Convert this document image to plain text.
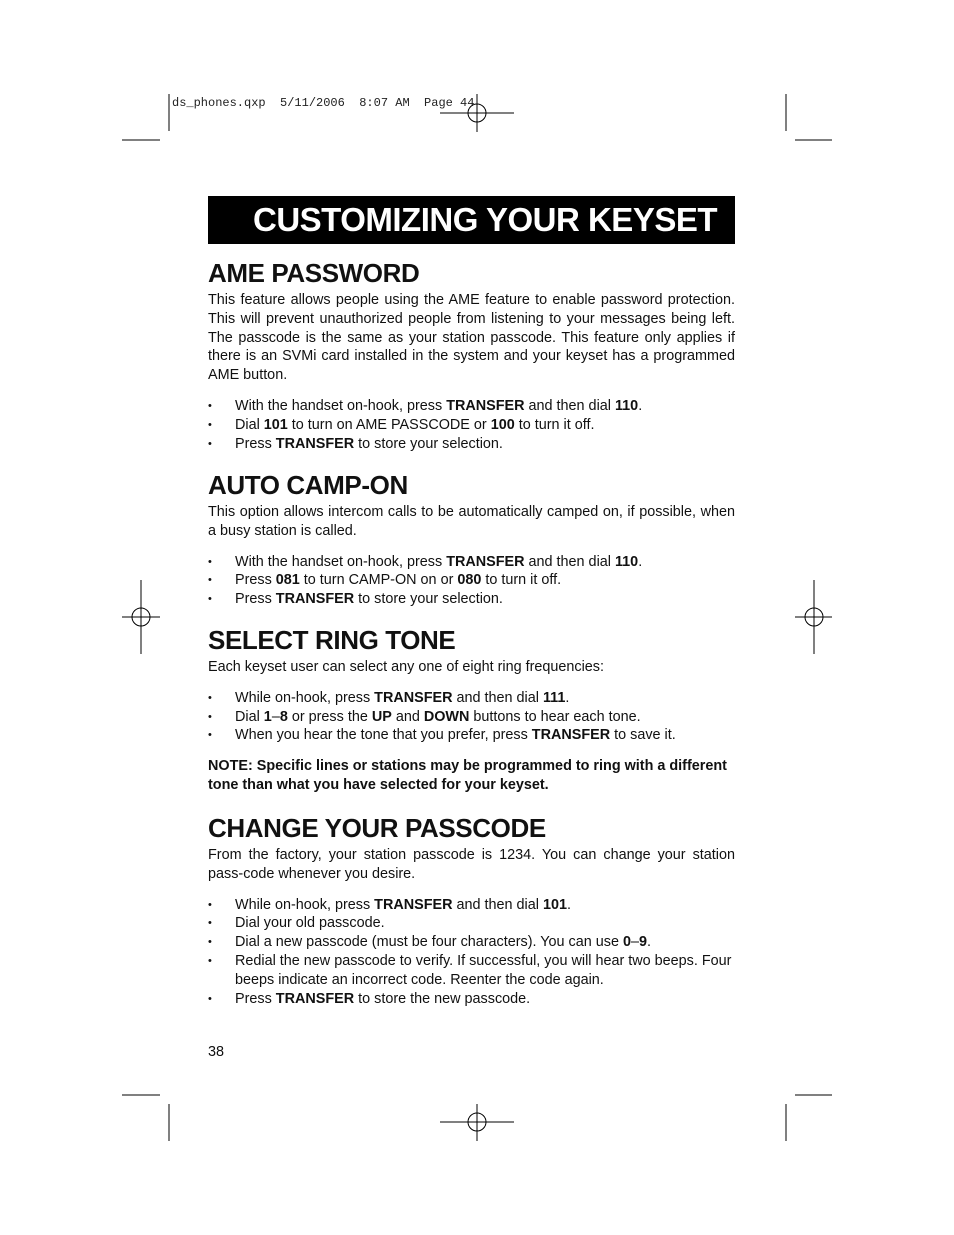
ds_phones.qxp  5/11/2006  8:07 AM  Page 44
CUSTOMIZING YOUR KEYSET
AME PASSWORD

This feature allows people using the AME feature to enable password protection. This will prevent unauthorized people from listening to your messages being left. The passcode is the same as your station passcode. This feature only applies if there is an SVMi card installed in the system and your keyset has a programmed AME button.

• With the handset on-hook, press TRANSFER and then dial 110.
• Dial 101 to turn on AME PASSCODE or 100 to turn it off.
• Press TRANSFER to store your selection.
AUTO CAMP-ON

This option allows intercom calls to be automatically camped on, if possible, when a busy station is called.

• With the handset on-hook, press TRANSFER and then dial 110.
• Press 081 to turn CAMP-ON on or 080 to turn it off.
• Press TRANSFER to store your selection.
SELECT RING TONE

Each keyset user can select any one of eight ring frequencies:

• While on-hook, press TRANSFER and then dial 111.
• Dial 1–8 or press the UP and DOWN buttons to hear each tone.
• When you hear the tone that you prefer, press TRANSFER to save it.
NOTE: Specific lines or stations may be programmed to ring with a different tone than what you have selected for your keyset.
CHANGE YOUR PASSCODE

From the factory, your station passcode is 1234. You can change your station pass-code whenever you desire.

• While on-hook, press TRANSFER and then dial 101.
• Dial your old passcode.
• Dial a new passcode (must be four characters). You can use 0–9.
• Redial the new passcode to verify. If successful, you will hear two beeps. Four beeps indicate an incorrect code. Reenter the code again.
• Press TRANSFER to store the new passcode.
38
